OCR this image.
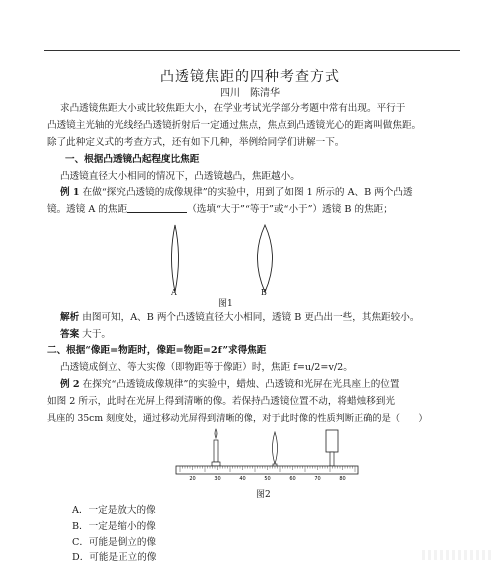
凸透镜焦距的四种考查方式
四川　陈清华
求凸透镜焦距大小或比较焦距大小，在学业考试光学部分考题中常有出现。平行于
凸透镜主光轴的光线经凸透镜折射后一定通过焦点，焦点到凸透镜光心的距离叫做焦距。
除了此种定义式的考查方式，还有如下几种，举例给同学们讲解一下。
一、根据凸透镜凸起程度比焦距
凸透镜直径大小相同的情况下，凸透镜越凸，焦距越小。
例 1 在做“探究凸透镜的成像规律”的实验中，用到了如图 1 所示的 A、B 两个凸透
镜。透镜 A 的焦距	（选填“大于”“等于”或“小于”）透镜 B 的焦距；
A	B
图1
解析 由图可知，A、B 两个凸透镜直径大小相同，透镜 B 更凸出一些，其焦距较小。
答案 大于。
二、根据“像距=物距时，像距=物距=2f”求得焦距
凸透镜成倒立、等大实像（即物距等于像距）时，焦距 f=u/2=v/2。
例 2 在探究“凸透镜成像规律”的实验中，蜡烛、凸透镜和光屏在光具座上的位置
如图 2 所示，此时在光屏上得到清晰的像。若保持凸透镜位置不动，将蜡烛移到光
具座的 35cm 刻度处，通过移动光屏得到清晰的像，对于此时像的性质判断正确的是（　　）
20	30	40	50	60	70	80
图2
A．一定是放大的像
B．一定是缩小的像
C．可能是倒立的像
D．可能是正立的像
